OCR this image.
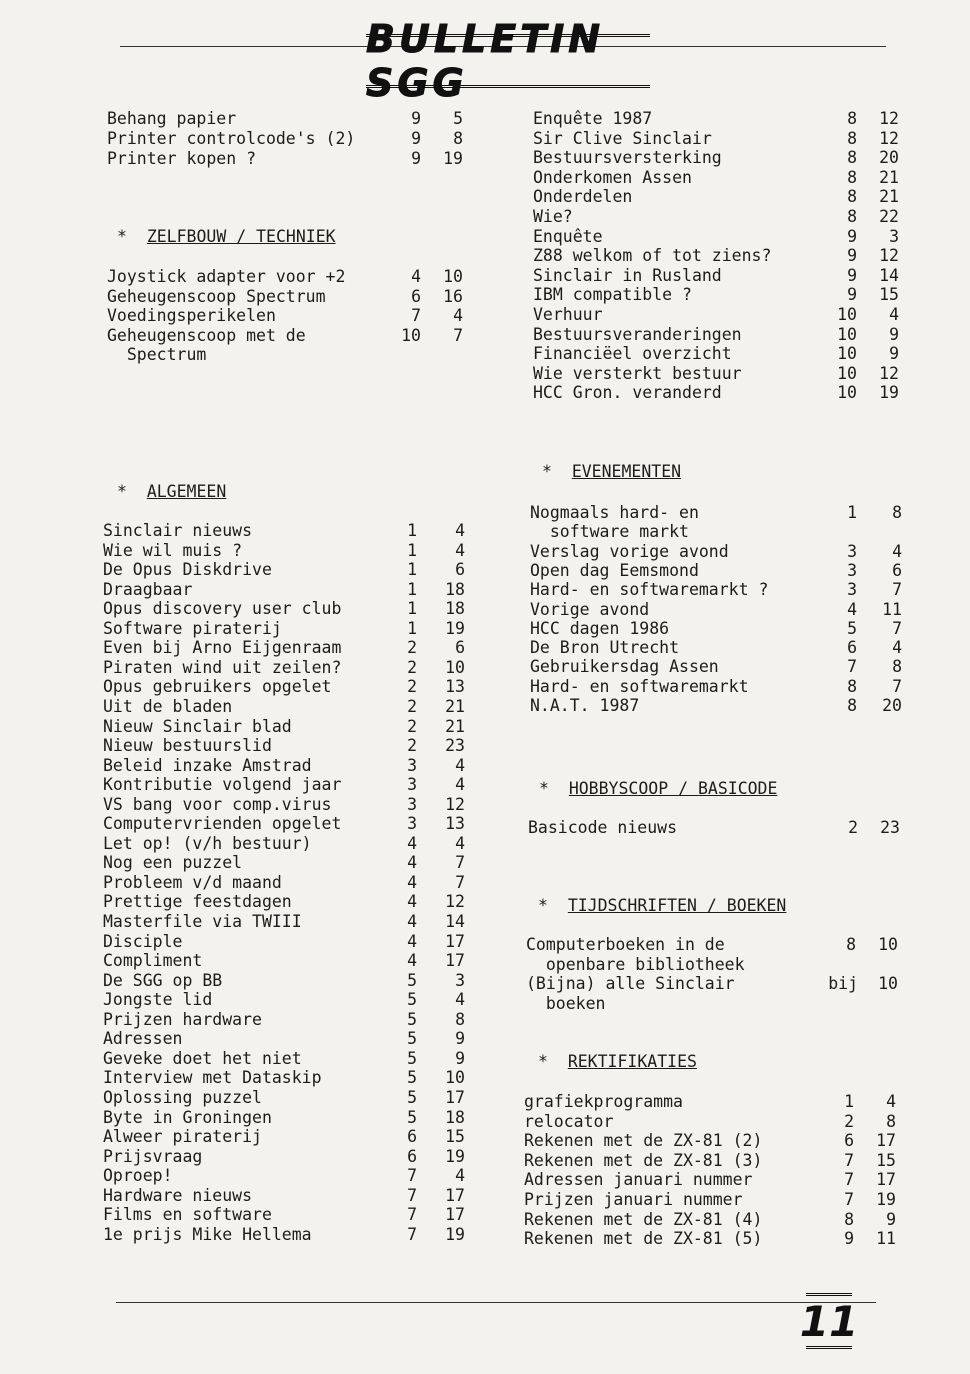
BULLETIN SGG
11
Behang papier	9	5
Printer controlcode's (2)	9	8
Printer kopen ?	9	19
*  ZELFBOUW / TECHNIEK
Joystick adapter voor +2	4	10
Geheugenscoop Spectrum	6	16
Voedingsperikelen	7	4
Geheugenscoop met de	10	7
Spectrum
*  ALGEMEEN
Sinclair nieuws	1	4
Wie wil muis ?	1	4
De Opus Diskdrive	1	6
Draagbaar	1	18
Opus discovery user club	1	18
Software piraterij	1	19
Even bij Arno Eijgenraam	2	6
Piraten wind uit zeilen?	2	10
Opus gebruikers opgelet	2	13
Uit de bladen	2	21
Nieuw Sinclair blad	2	21
Nieuw bestuurslid	2	23
Beleid inzake Amstrad	3	4
Kontributie volgend jaar	3	4
VS bang voor comp.virus	3	12
Computervrienden opgelet	3	13
Let op! (v/h bestuur)	4	4
Nog een puzzel	4	7
Probleem v/d maand	4	7
Prettige feestdagen	4	12
Masterfile via TWIII	4	14
Disciple	4	17
Compliment	4	17
De SGG op BB	5	3
Jongste lid	5	4
Prijzen hardware	5	8
Adressen	5	9
Geveke doet het niet	5	9
Interview met Dataskip	5	10
Oplossing puzzel	5	17
Byte in Groningen	5	18
Alweer piraterij	6	15
Prijsvraag	6	19
Oproep!	7	4
Hardware nieuws	7	17
Films en software	7	17
1e prijs Mike Hellema	7	19
Enquête 1987	8	12
Sir Clive Sinclair	8	12
Bestuursversterking	8	20
Onderkomen Assen	8	21
Onderdelen	8	21
Wie?	8	22
Enquête	9	3
Z88 welkom of tot ziens?	9	12
Sinclair in Rusland	9	14
IBM compatible ?	9	15
Verhuur	10	4
Bestuursveranderingen	10	9
Financiëel overzicht	10	9
Wie versterkt bestuur	10	12
HCC Gron. veranderd	10	19
*  EVENEMENTEN
Nogmaals hard- en	1	8
software markt
Verslag vorige avond	3	4
Open dag Eemsmond	3	6
Hard- en softwaremarkt ?	3	7
Vorige avond	4	11
HCC dagen 1986	5	7
De Bron Utrecht	6	4
Gebruikersdag Assen	7	8
Hard- en softwaremarkt	8	7
N.A.T. 1987	8	20
*  HOBBYSCOOP / BASICODE
Basicode nieuws	2	23
*  TIJDSCHRIFTEN / BOEKEN
Computerboeken in de	8	10
openbare bibliotheek
(Bijna) alle Sinclair	bij	10
boeken
*  REKTIFIKATIES
grafiekprogramma	1	4
relocator	2	8
Rekenen met de ZX-81 (2)	6	17
Rekenen met de ZX-81 (3)	7	15
Adressen januari nummer	7	17
Prijzen januari nummer	7	19
Rekenen met de ZX-81 (4)	8	9
Rekenen met de ZX-81 (5)	9	11
